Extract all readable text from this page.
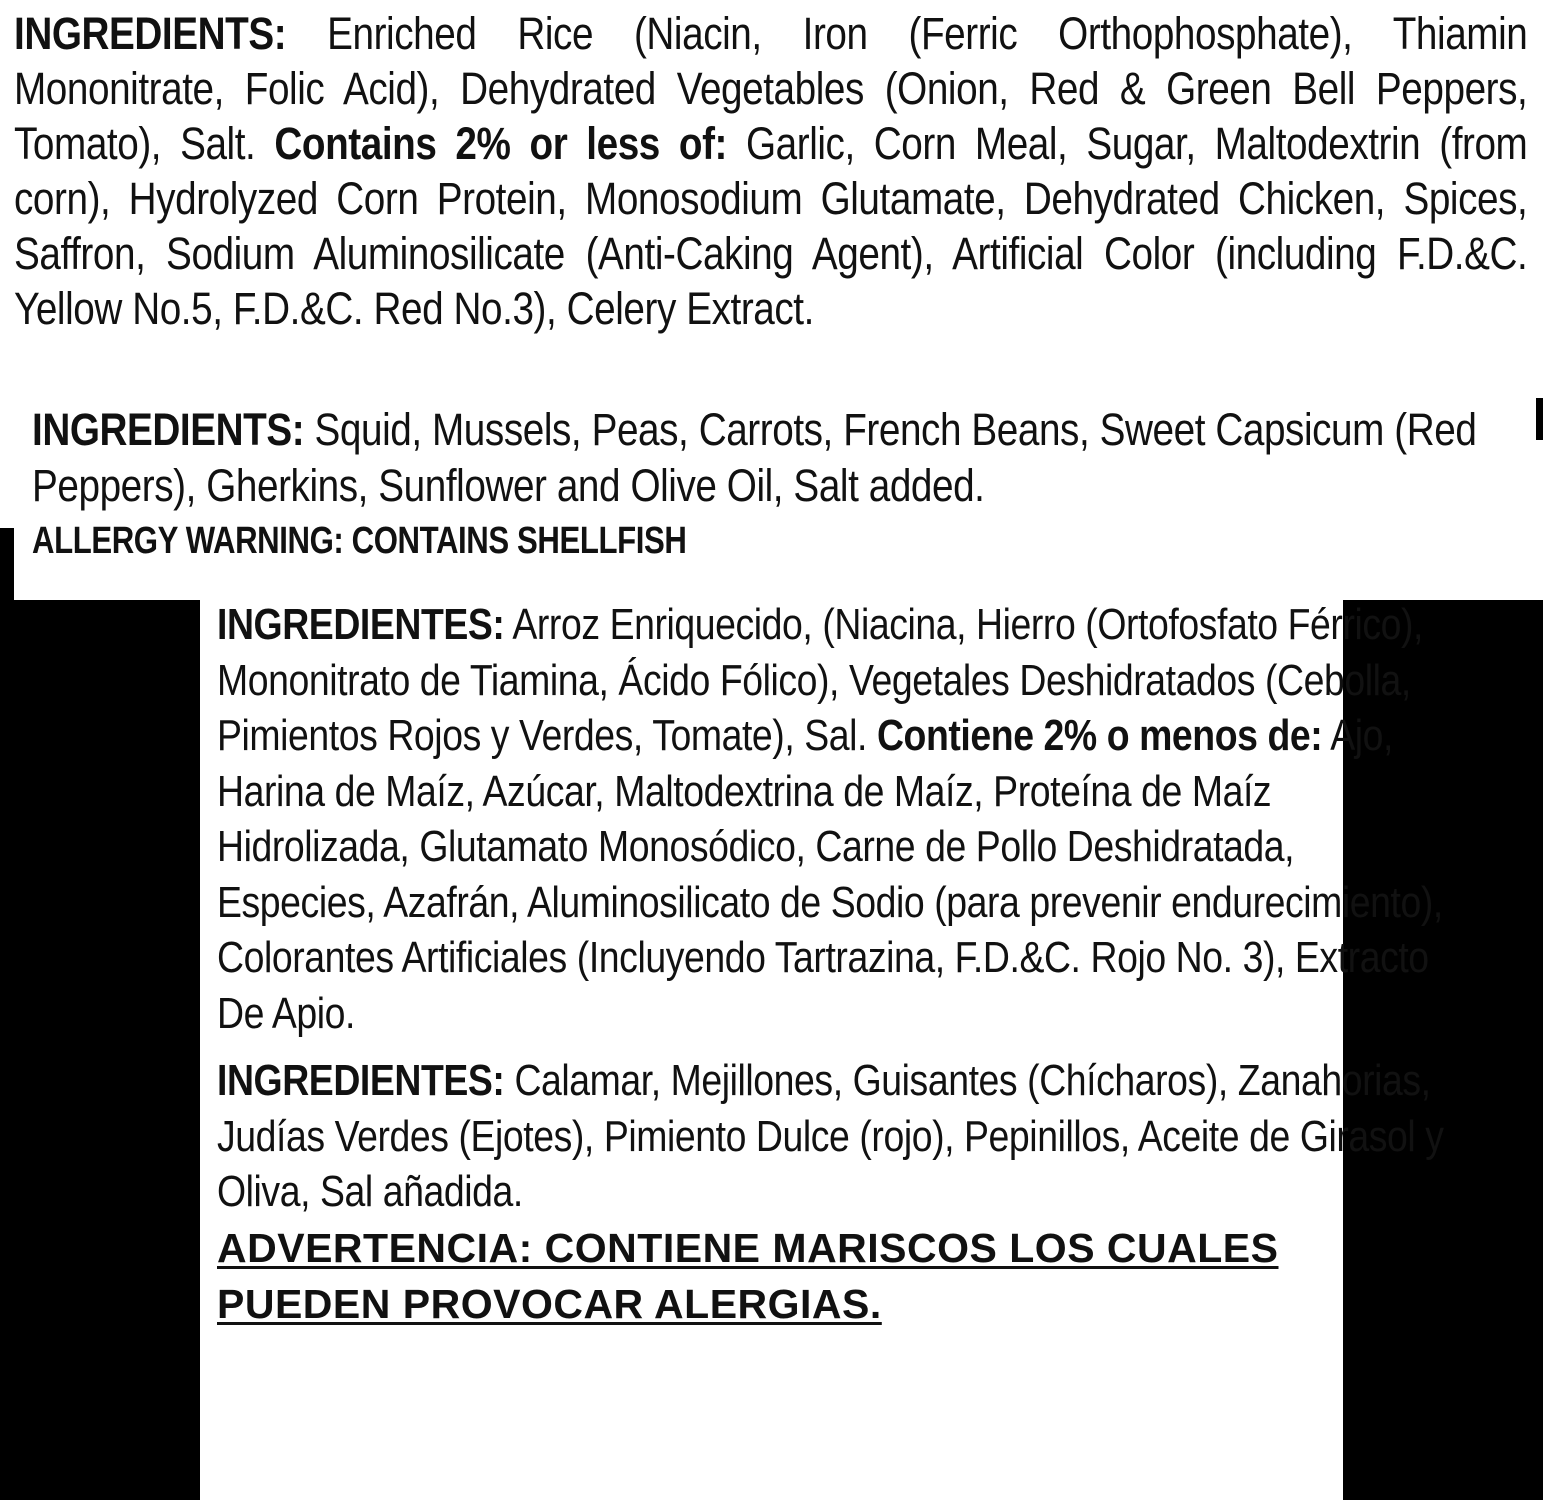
INGREDIENTS: Enriched Rice (Niacin, Iron (Ferric Orthophosphate), Thiamin Mononitrate, Folic Acid), Dehydrated Vegetables (Onion, Red & Green Bell Peppers, Tomato), Salt. Contains 2% or less of: Garlic, Corn Meal, Sugar, Maltodextrin (from corn), Hydrolyzed Corn Protein, Monosodium Glutamate, Dehydrated Chicken, Spices, Saffron, Sodium Aluminosilicate (Anti-Caking Agent), Artificial Color (including F.D.&C. Yellow No.5, F.D.&C. Red No.3), Celery Extract.

INGREDIENTS: Squid, Mussels, Peas, Carrots, French Beans, Sweet Capsicum (Red Peppers), Gherkins, Sunflower and Olive Oil, Salt added.

ALLERGY WARNING: CONTAINS SHELLFISH

INGREDIENTES: Arroz Enriquecido, (Niacina, Hierro (Ortofosfato Férrico), Mononitrato de Tiamina, Ácido Fólico), Vegetales Deshidratados (Cebolla, Pimientos Rojos y Verdes, Tomate), Sal. Contiene 2% o menos de: Ajo, Harina de Maíz, Azúcar, Maltodextrina de Maíz, Proteína de Maíz Hidrolizada, Glutamato Monosódico, Carne de Pollo Deshidratada, Especies, Azafrán, Aluminosilicato de Sodio (para prevenir endurecimiento), Colorantes Artificiales (Incluyendo Tartrazina, F.D.&C. Rojo No. 3), Extracto De Apio.

INGREDIENTES: Calamar, Mejillones, Guisantes (Chícharos), Zanahorias, Judías Verdes (Ejotes), Pimiento Dulce (rojo), Pepinillos, Aceite de Girasol y Oliva, Sal añadida.

ADVERTENCIA: CONTIENE MARISCOS LOS CUALES PUEDEN PROVOCAR ALERGIAS.
